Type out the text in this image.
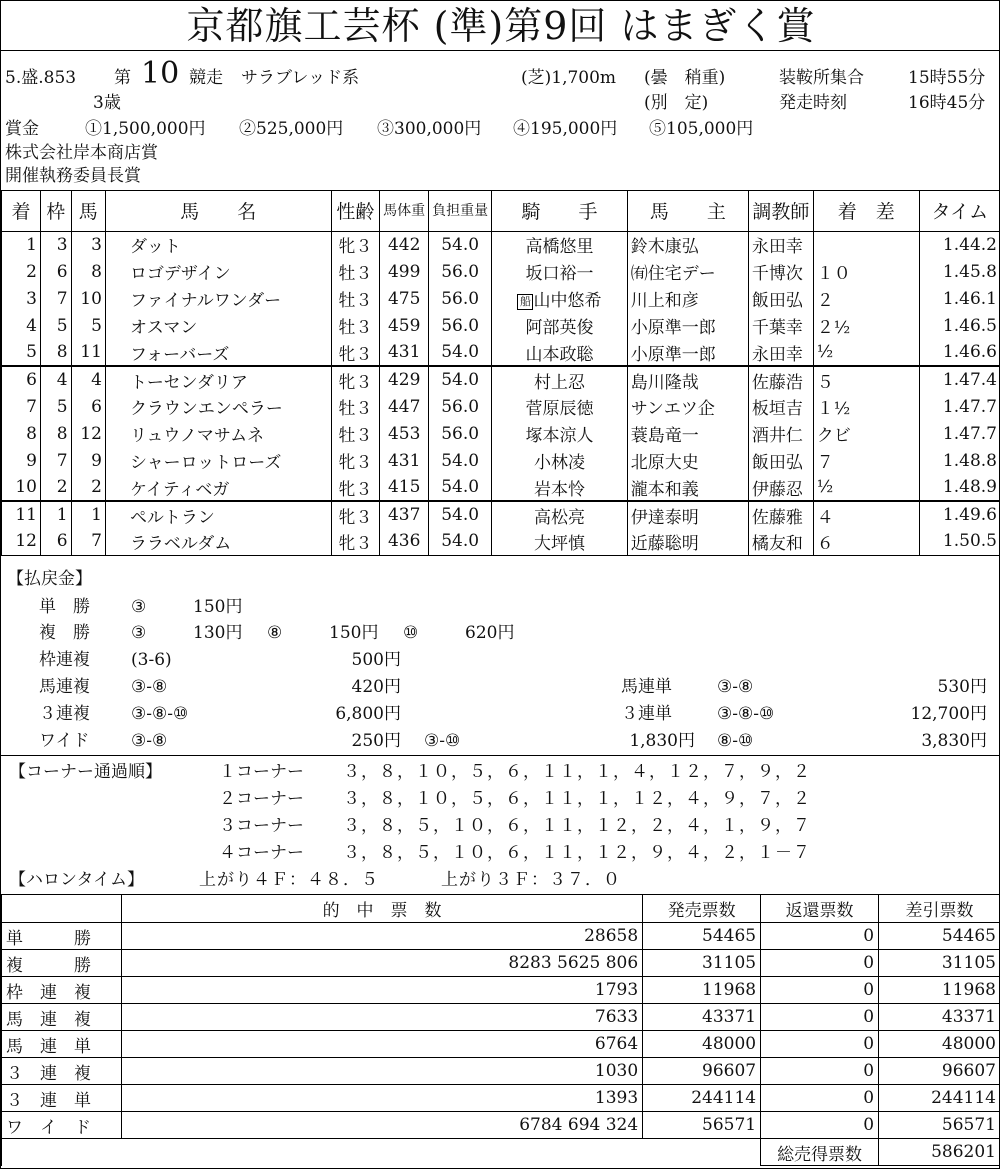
京都旗工芸杯 (準)第9回 はまぎく賞
5.盛.853 第 10 競走 サラブレッド系	(芝)1,700m (曇　稍重)	装鞍所集合	15時55分
3歳	(別　定)	発走時刻	16時45分
賞金	①1,500,000円 ②525,000円 ③300,000円 ④195,000円 ⑤105,000円
株式会社岸本商店賞
開催執務委員長賞
着	枠	馬	馬　　名	性齢	馬体重	負担重量	騎　　手	馬　　主	調教師	着　差	タイム
1	3	3	ダット	牝３	442	54.0	高橋悠里	鈴木康弘	永田幸		1.44.2
2	6	8	ロゴデザイン	牡３	499	56.0	坂口裕一	㈲住宅デー	千博次	１０	1.45.8
3	7	10	ファイナルワンダー	牡３	475	56.0	船 山中悠希	川上和彦	飯田弘	２	1.46.1
4	5	5	オスマン	牡３	459	56.0	阿部英俊	小原準一郎	千葉幸	２½	1.46.5
5	8	11	フォーバーズ	牝３	431	54.0	山本政聡	小原準一郎	永田幸	½	1.46.6
6	4	4	トーセンダリア	牝３	429	54.0	村上忍	島川隆哉	佐藤浩	５	1.47.4
7	5	6	クラウンエンペラー	牡３	447	56.0	菅原辰徳	サンエツ企	板垣吉	１½	1.47.7
8	8	12	リュウノマサムネ	牡３	453	56.0	塚本涼人	蓑島竜一	酒井仁	クビ	1.47.7
9	7	9	シャーロットローズ	牝３	431	54.0	小林凌	北原大史	飯田弘	７	1.48.8
10	2	2	ケイティベガ	牝３	415	54.0	岩本怜	瀧本和義	伊藤忍	½	1.48.9
11	1	1	ペルトラン	牝３	437	54.0	高松亮	伊達泰明	佐藤雅	４	1.49.6
12	6	7	ララベルダム	牝３	436	54.0	大坪慎	近藤聡明	橘友和	６	1.50.5
【払戻金】
単　勝 ③	150円
複　勝 ③	130円 ⑧	150円 ⑩	620円
枠連複 (3-6)	500円
馬連複 ③-⑧	420円	馬連単	③-⑧	530円
３連複 ③-⑧-⑩	6,800円	３連単	③-⑧-⑩	12,700円
ワイド ③-⑧	250円 ③-⑩	1,830円 ⑧-⑩	3,830円
【コーナー通過順】	１コーナー ３，８，１０，５，６，１１，１，４，１２，７，９，２
２コーナー ３，８，１０，５，６，１１，１，１２，４，９，７，２
３コーナー ３，８，５，１０，６，１１，１２，２，４，１，９，７
４コーナー ３，８，５，１０，６，１１，１２，９，４，２，１－７
【ハロンタイム】	上がり４Ｆ：４８．５	上がり３Ｆ：３７．０
	的　中　票　数	発売票数	返還票数	差引票数
単　　　勝	28658	54465	0	54465
複　　　勝	8283 5625 806	31105	0	31105
枠　連　複	1793	11968	0	11968
馬　連　複	7633	43371	0	43371
馬　連　単	6764	48000	0	48000
３　連　複	1030	96607	0	96607
３　連　単	1393	244114	0	244114
ワ　イ　ド	6784 694 324	56571	0	56571
			総売得票数	586201
